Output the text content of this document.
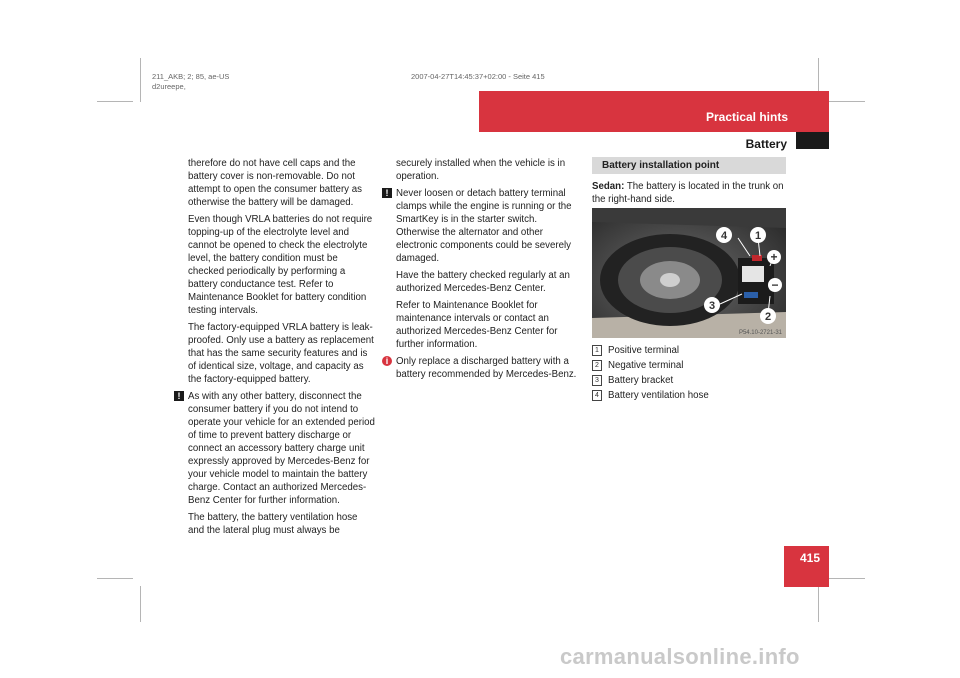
211_AKB; 2; 85, ae-US
d2ureepe,
2007-04-27T14:45:37+02:00 - Seite 415
Practical hints
Battery

therefore do not have cell caps and the battery cover is non-removable. Do not attempt to open the consumer battery as otherwise the battery will be damaged.

Even though VRLA batteries do not require topping-up of the electrolyte level and cannot be opened to check the electrolyte level, the battery condition must be checked periodically by performing a battery conductance test. Refer to Maintenance Booklet for battery condition testing intervals.

The factory-equipped VRLA battery is leak-proofed. Only use a battery as replacement that has the same security features and is of identical size, voltage, and capacity as the factory-equipped battery.

! As with any other battery, disconnect the consumer battery if you do not intend to operate your vehicle for an extended period of time to prevent battery discharge or connect an accessory battery charge unit expressly approved by Mercedes-Benz for your vehicle model to maintain the battery charge. Contact an authorized Mercedes-Benz Center for further information.

The battery, the battery ventilation hose and the lateral plug must always be

securely installed when the vehicle is in operation.

! Never loosen or detach battery terminal clamps while the engine is running or the SmartKey is in the starter switch. Otherwise the alternator and other electronic components could be severely damaged.

Have the battery checked regularly at an authorized Mercedes-Benz Center.

Refer to Maintenance Booklet for maintenance intervals or contact an authorized Mercedes-Benz Center for further information.

i Only replace a discharged battery with a battery recommended by Mercedes-Benz.

Battery installation point

Sedan: The battery is located in the trunk on the right-hand side.

4	1
+
−
3
2
P54.10-2721-31
1 Positive terminal
2 Negative terminal
3 Battery bracket
4 Battery ventilation hose
415
carmanualsonline.info
